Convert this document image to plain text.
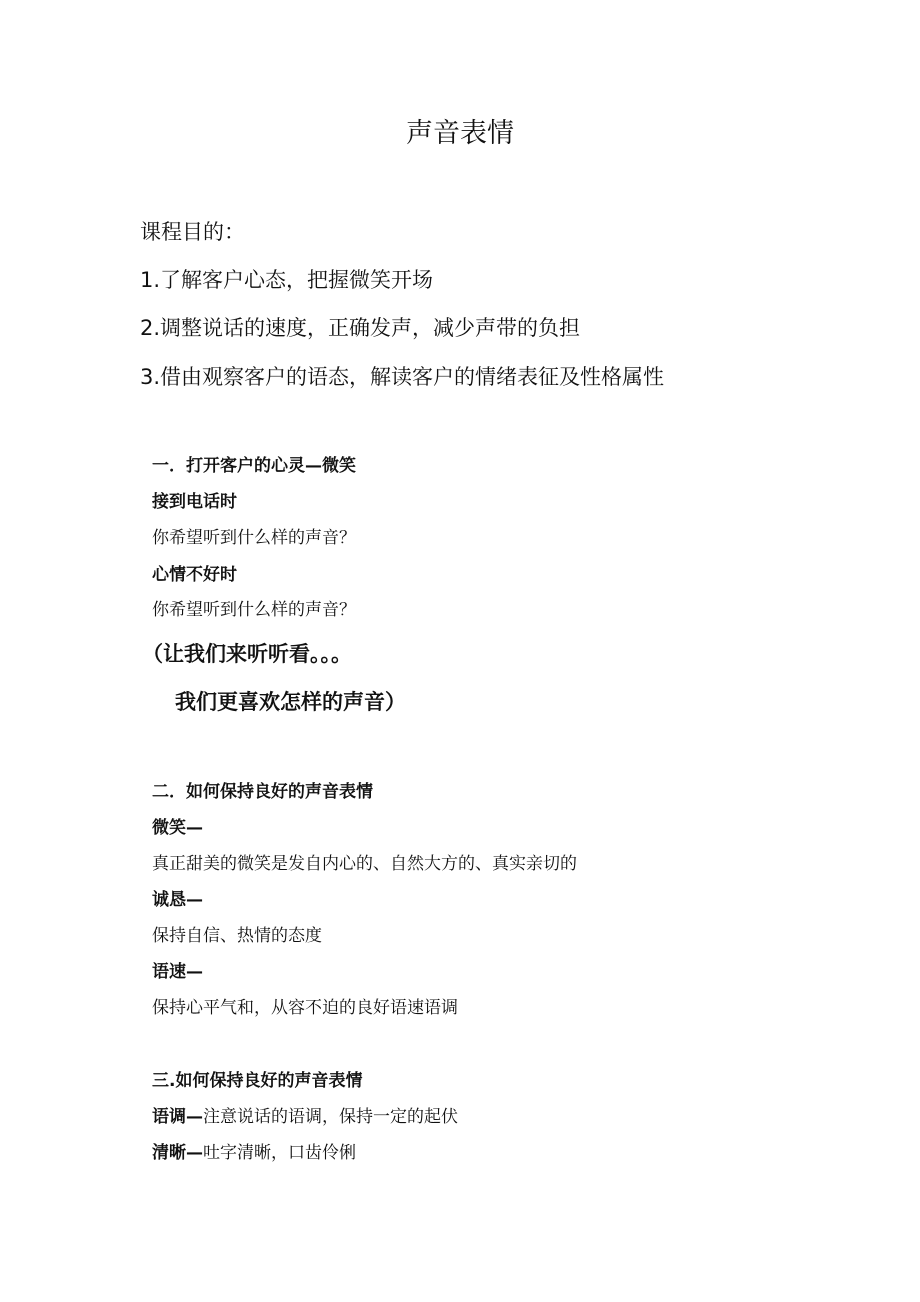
声音表情
课程目的：
1.了解客户心态，把握微笑开场
2.调整说话的速度，正确发声，减少声带的负担
3.借由观察客户的语态，解读客户的情绪表征及性格属性
一．打开客户的心灵—微笑
接到电话时
你希望听到什么样的声音？
心情不好时
你希望听到什么样的声音？
（让我们来听听看。。。
我们更喜欢怎样的声音）
二．如何保持良好的声音表情
微笑—
真正甜美的微笑是发自内心的、自然大方的、真实亲切的
诚恳—
保持自信、热情的态度
语速—
保持心平气和，从容不迫的良好语速语调
三.如何保持良好的声音表情
语调—注意说话的语调，保持一定的起伏
清晰—吐字清晰，口齿伶俐
